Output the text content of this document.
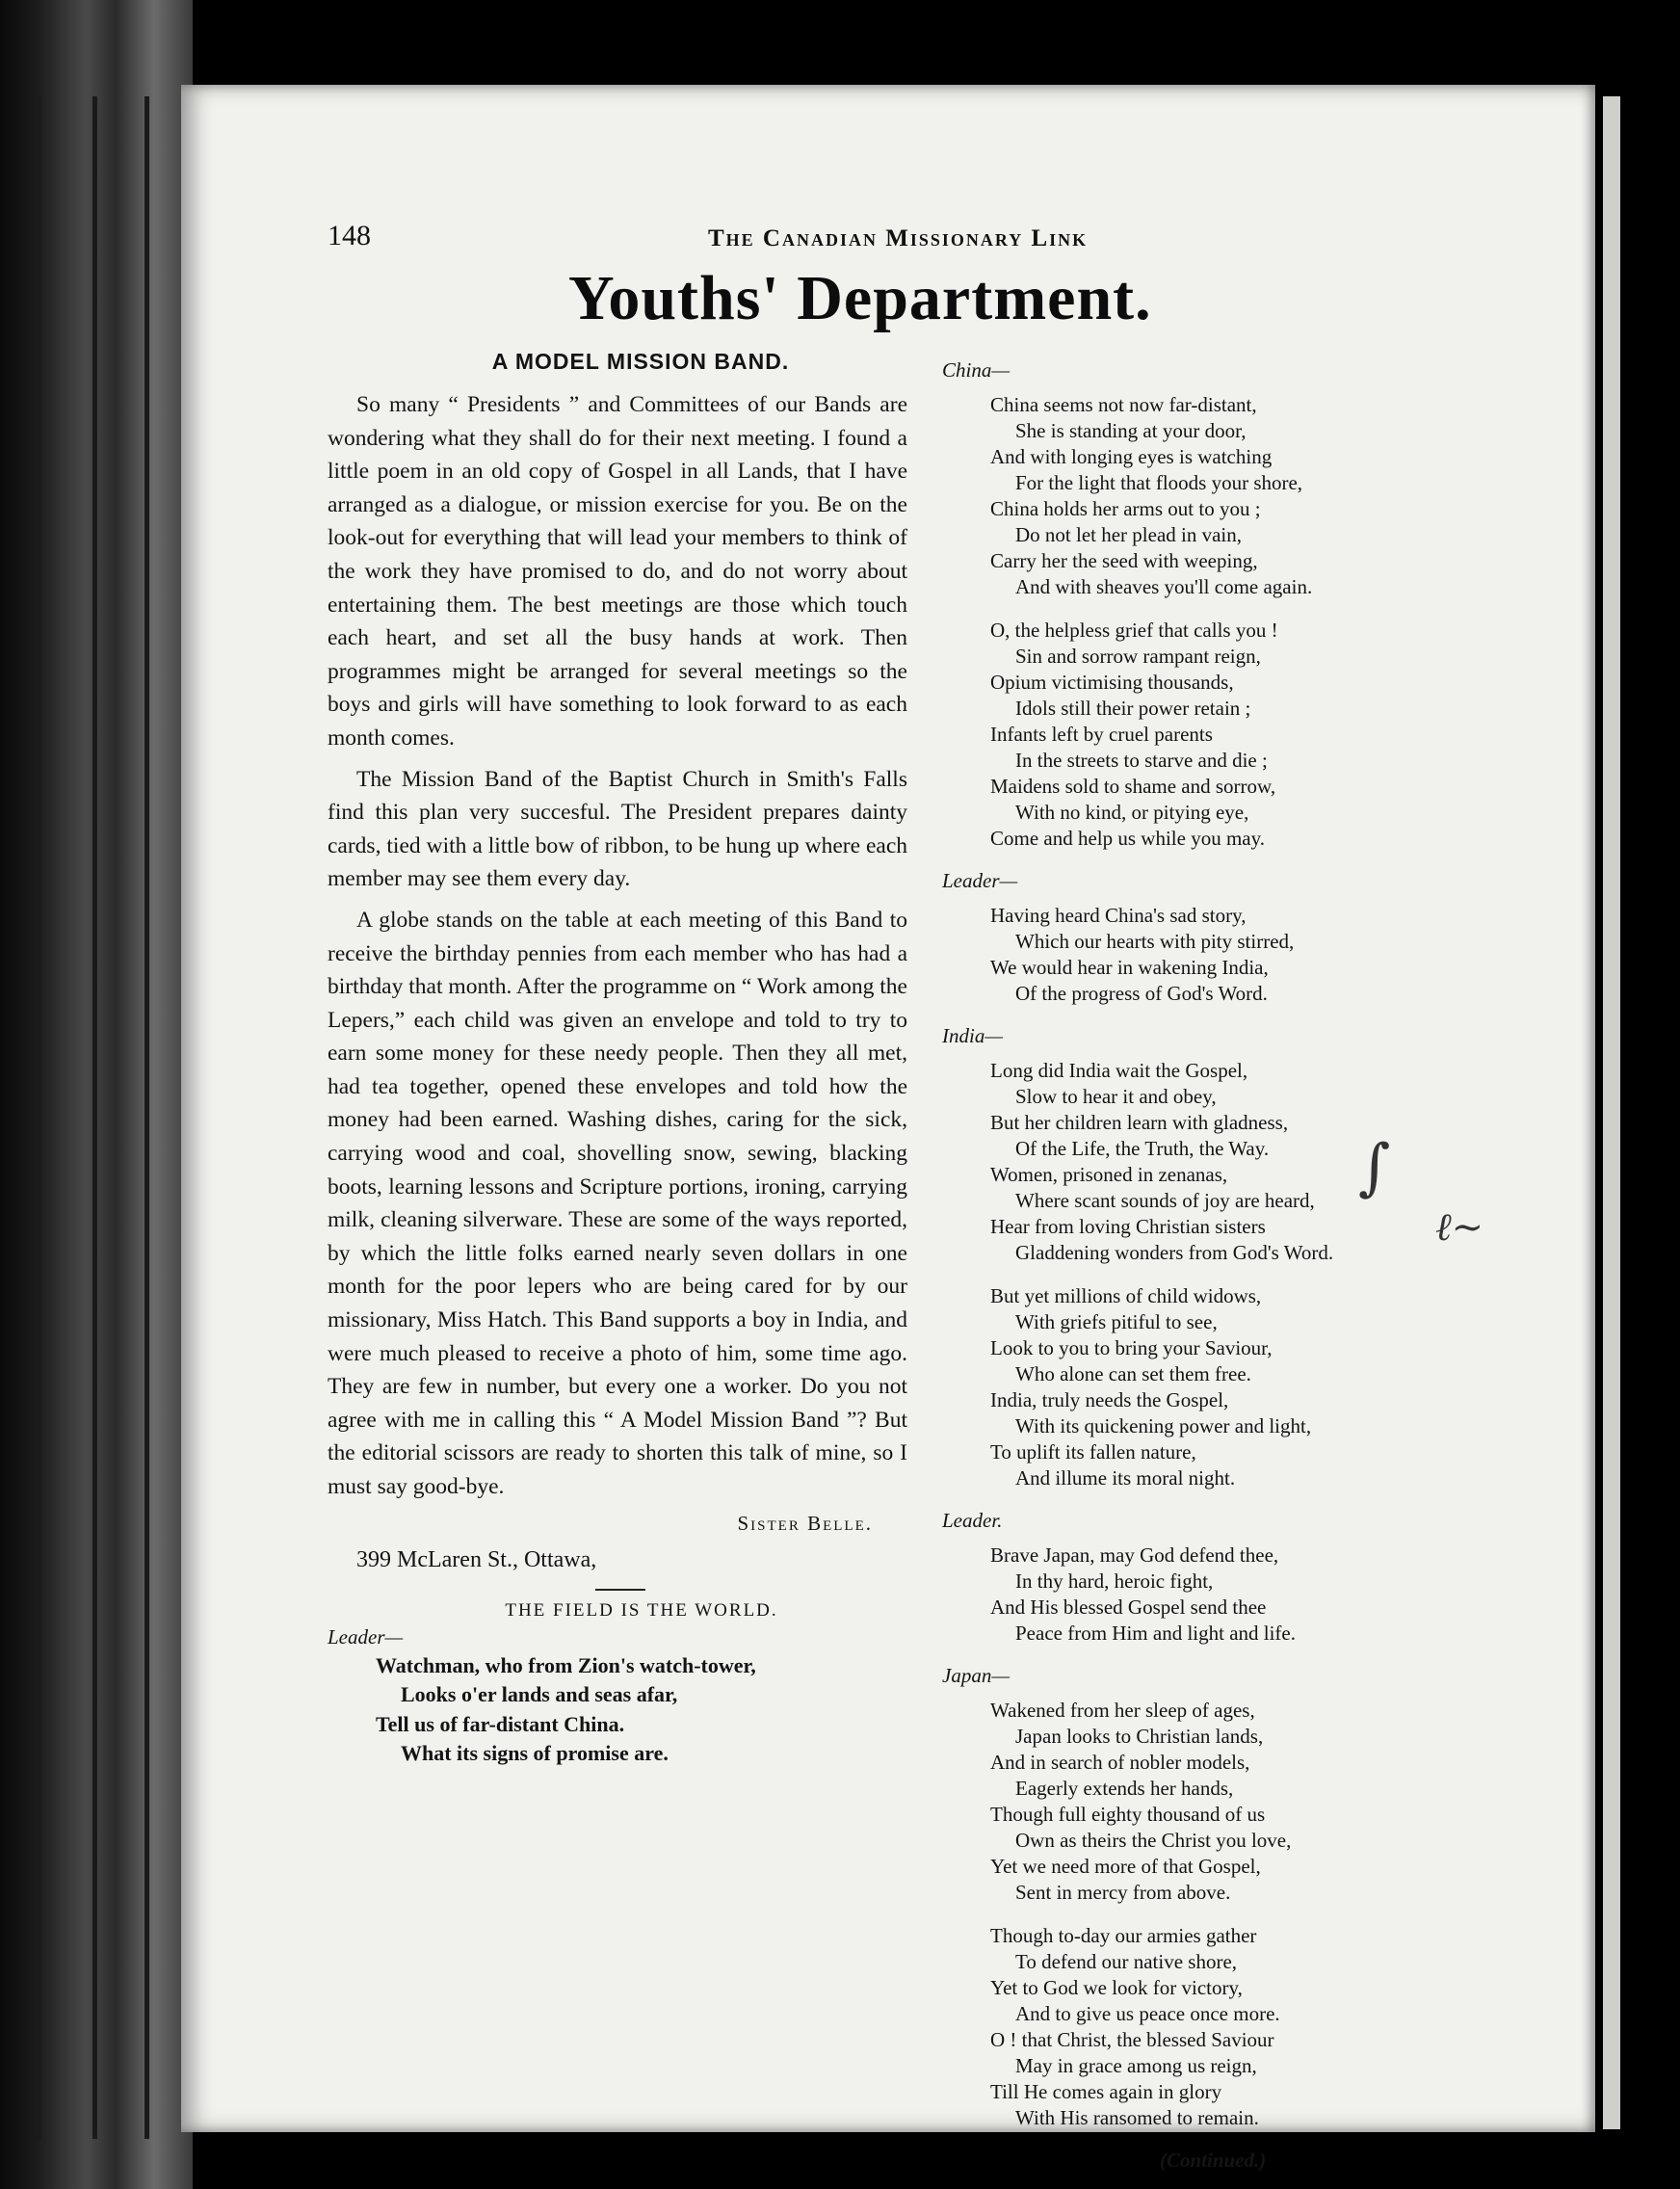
148	The Canadian Missionary Link
Youths' Department.
A MODEL MISSION BAND.

So many “ Presidents ” and Committees of our Bands are wondering what they shall do for their next meeting. I found a little poem in an old copy of Gospel in all Lands, that I have arranged as a dialogue, or mission exercise for you. Be on the look-out for everything that will lead your members to think of the work they have promised to do, and do not worry about entertaining them. The best meetings are those which touch each heart, and set all the busy hands at work. Then programmes might be arranged for several meetings so the boys and girls will have something to look forward to as each month comes.

The Mission Band of the Baptist Church in Smith's Falls find this plan very succesful. The President prepares dainty cards, tied with a little bow of ribbon, to be hung up where each member may see them every day.

A globe stands on the table at each meeting of this Band to receive the birthday pennies from each member who has had a birthday that month. After the programme on “ Work among the Lepers,” each child was given an envelope and told to try to earn some money for these needy people. Then they all met, had tea together, opened these envelopes and told how the money had been earned. Washing dishes, caring for the sick, carrying wood and coal, shovelling snow, sewing, blacking boots, learning lessons and Scripture portions, ironing, carrying milk, cleaning silverware. These are some of the ways reported, by which the little folks earned nearly seven dollars in one month for the poor lepers who are being cared for by our missionary, Miss Hatch. This Band supports a boy in India, and were much pleased to receive a photo of him, some time ago. They are few in number, but every one a worker. Do you not agree with me in calling this “ A Model Mission Band ”? But the editorial scissors are ready to shorten this talk of mine, so I must say good-bye.

Sister Belle.
399 McLaren St., Ottawa,
THE FIELD IS THE WORLD.
Leader—
Watchman, who from Zion's watch-tower,
Looks o'er lands and seas afar,
Tell us of far-distant China.
What its signs of promise are.
China—
China seems not now far-distant,
She is standing at your door,
And with longing eyes is watching
For the light that floods your shore,
China holds her arms out to you ;
Do not let her plead in vain,
Carry her the seed with weeping,
And with sheaves you'll come again.
O, the helpless grief that calls you !
Sin and sorrow rampant reign,
Opium victimising thousands,
Idols still their power retain ;
Infants left by cruel parents
In the streets to starve and die ;
Maidens sold to shame and sorrow,
With no kind, or pitying eye,
Come and help us while you may.
Leader—
Having heard China's sad story,
Which our hearts with pity stirred,
We would hear in wakening India,
Of the progress of God's Word.
India—
Long did India wait the Gospel,
Slow to hear it and obey,
But her children learn with gladness,
Of the Life, the Truth, the Way.
Women, prisoned in zenanas,
Where scant sounds of joy are heard,
Hear from loving Christian sisters
Gladdening wonders from God's Word.
But yet millions of child widows,
With griefs pitiful to see,
Look to you to bring your Saviour,
Who alone can set them free.
India, truly needs the Gospel,
With its quickening power and light,
To uplift its fallen nature,
And illume its moral night.
Leader.
Brave Japan, may God defend thee,
In thy hard, heroic fight,
And His blessed Gospel send thee
Peace from Him and light and life.
Japan—
Wakened from her sleep of ages,
Japan looks to Christian lands,
And in search of nobler models,
Eagerly extends her hands,
Though full eighty thousand of us
Own as theirs the Christ you love,
Yet we need more of that Gospel,
Sent in mercy from above.
Though to-day our armies gather
To defend our native shore,
Yet to God we look for victory,
And to give us peace once more.
O ! that Christ, the blessed Saviour
May in grace among us reign,
Till He comes again in glory
With His ransomed to remain.
(Continued.)
∫
ℓ∼
